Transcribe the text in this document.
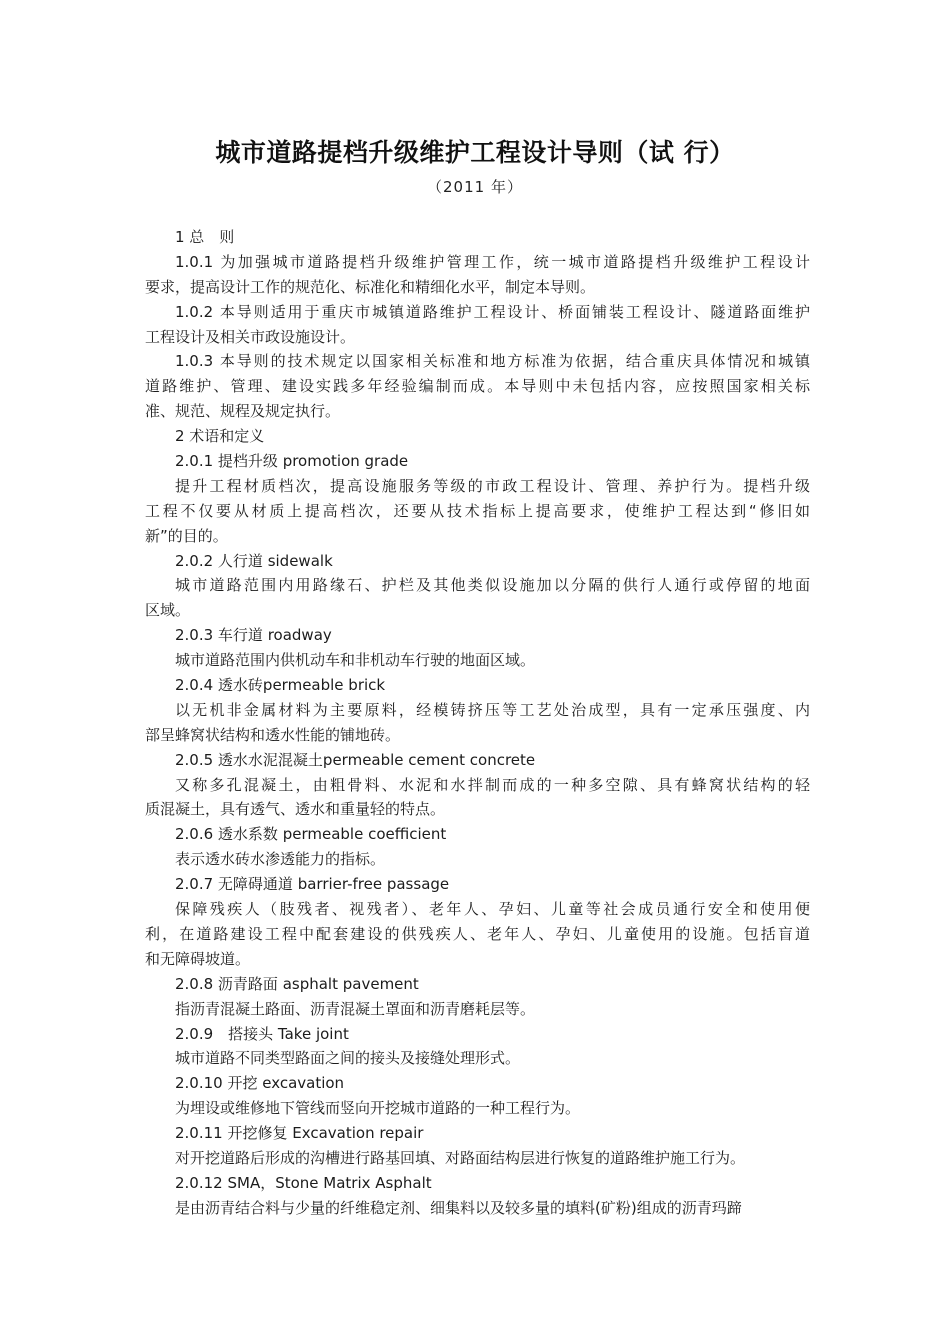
城市道路提档升级维护工程设计导则（试 行）
（2011 年）
1 总　则
1.0.1 为加强城市道路提档升级维护管理工作，统一城市道路提档升级维护工程设计
要求，提高设计工作的规范化、标准化和精细化水平，制定本导则。
1.0.2 本导则适用于重庆市城镇道路维护工程设计、桥面铺装工程设计、隧道路面维护
工程设计及相关市政设施设计。
1.0.3 本导则的技术规定以国家相关标准和地方标准为依据，结合重庆具体情况和城镇
道路维护、管理、建设实践多年经验编制而成。本导则中未包括内容，应按照国家相关标
准、规范、规程及规定执行。
2 术语和定义
2.0.1 提档升级 promotion grade
提升工程材质档次，提高设施服务等级的市政工程设计、管理、养护行为。提档升级
工程不仅要从材质上提高档次，还要从技术指标上提高要求，使维护工程达到“修旧如
新”的目的。
2.0.2 人行道 sidewalk
城市道路范围内用路缘石、护栏及其他类似设施加以分隔的供行人通行或停留的地面
区域。
2.0.3 车行道 roadway
城市道路范围内供机动车和非机动车行驶的地面区域。
2.0.4 透水砖permeable brick
以无机非金属材料为主要原料，经模铸挤压等工艺处治成型，具有一定承压强度、内
部呈蜂窝状结构和透水性能的铺地砖。
2.0.5 透水水泥混凝土permeable cement concrete
又称多孔混凝土，由粗骨料、水泥和水拌制而成的一种多空隙、具有蜂窝状结构的轻
质混凝土，具有透气、透水和重量轻的特点。
2.0.6 透水系数 permeable coefficient
表示透水砖水渗透能力的指标。
2.0.7 无障碍通道 barrier-free passage
保障残疾人（肢残者、视残者）、老年人、孕妇、儿童等社会成员通行安全和使用便
利，在道路建设工程中配套建设的供残疾人、老年人、孕妇、儿童使用的设施。包括盲道
和无障碍坡道。
2.0.8 沥青路面 asphalt pavement
指沥青混凝土路面、沥青混凝土罩面和沥青磨耗层等。
2.0.9　搭接头 Take joint
城市道路不同类型路面之间的接头及接缝处理形式。
2.0.10 开挖 excavation
为埋设或维修地下管线而竖向开挖城市道路的一种工程行为。
2.0.11 开挖修复 Excavation repair
对开挖道路后形成的沟槽进行路基回填、对路面结构层进行恢复的道路维护施工行为。
2.0.12 SMA，Stone Matrix Asphalt
是由沥青结合料与少量的纤维稳定剂、细集料以及较多量的填料(矿粉)组成的沥青玛蹄
